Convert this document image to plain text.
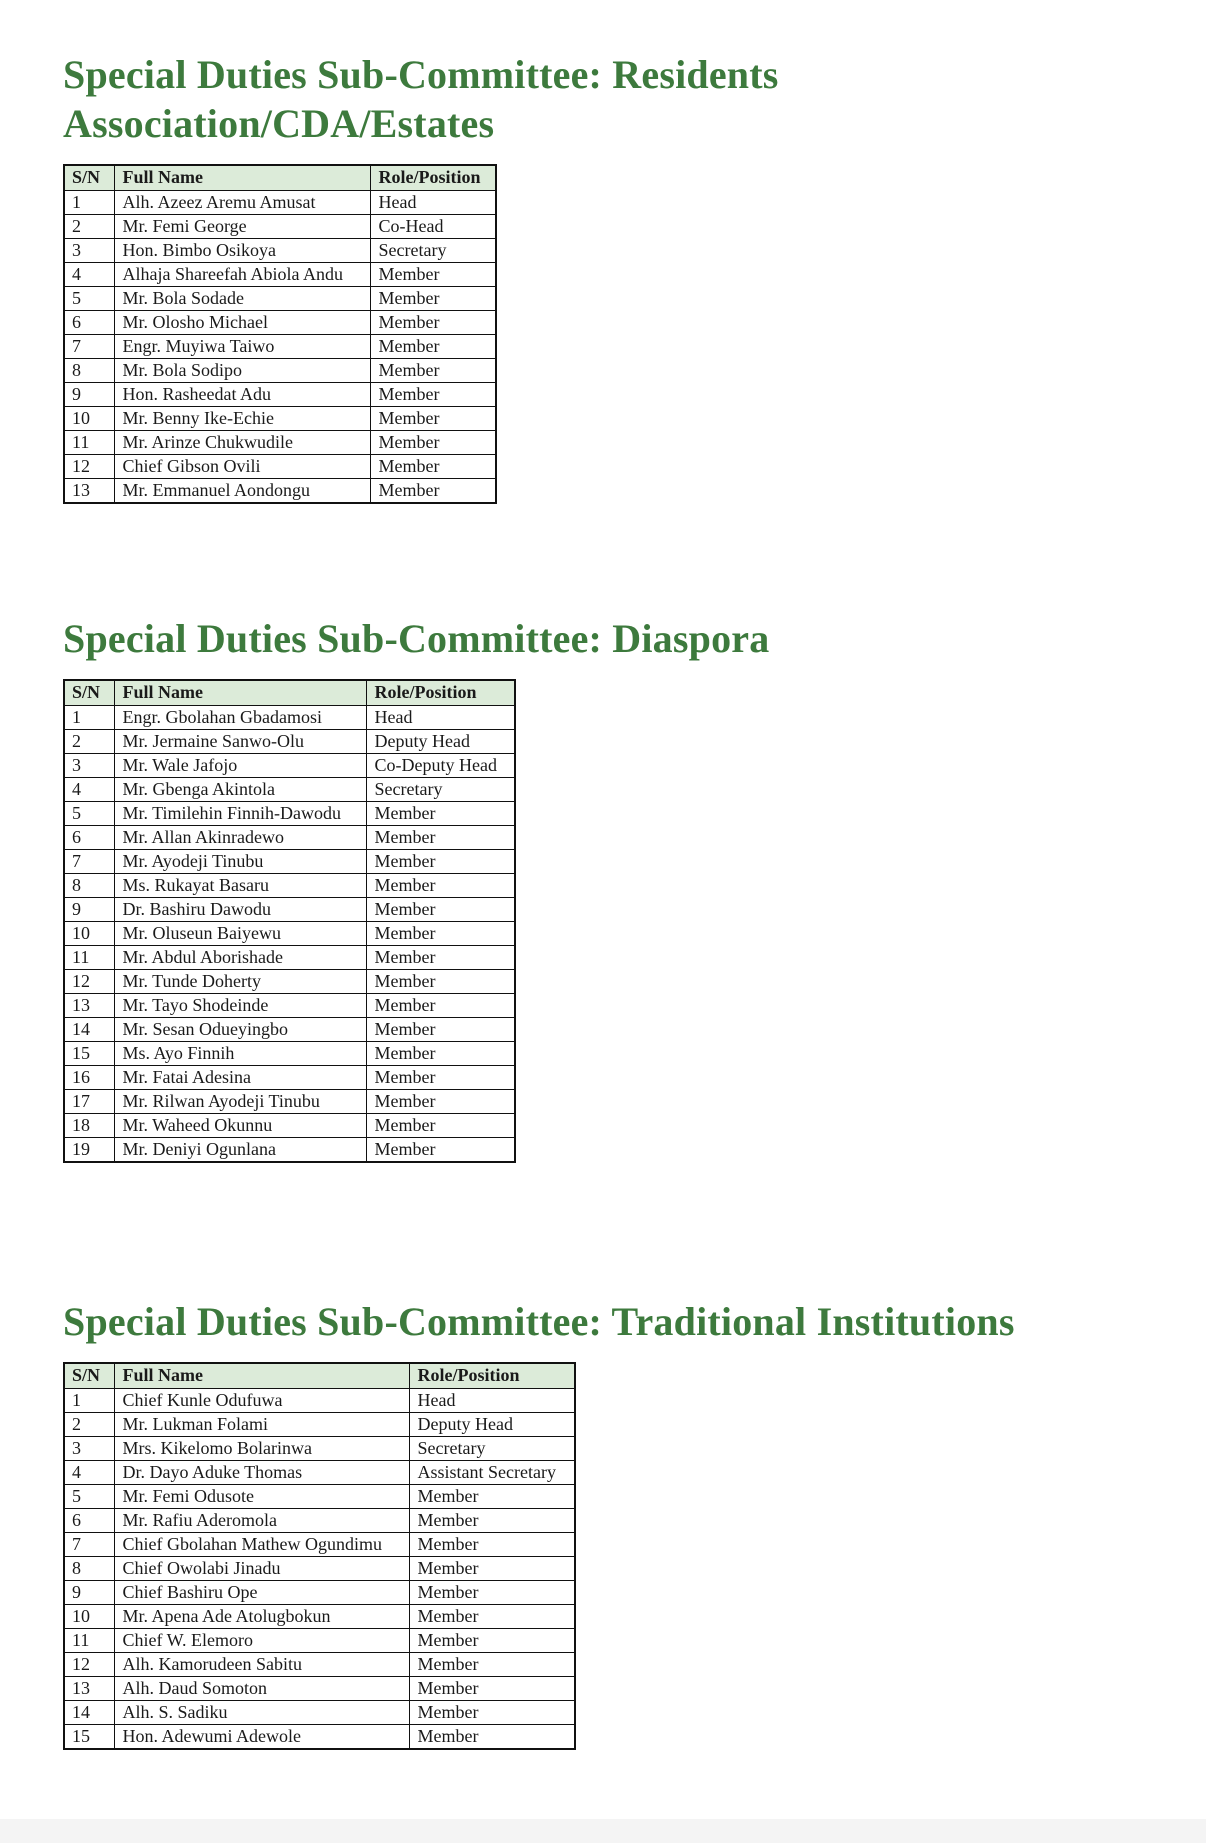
Special Duties Sub-Committee: Residents Association/CDA/Estates
S/N	Full Name	Role/Position
1	Alh. Azeez Aremu Amusat	Head
2	Mr. Femi George	Co-Head
3	Hon. Bimbo Osikoya	Secretary
4	Alhaja Shareefah Abiola Andu	Member
5	Mr. Bola Sodade	Member
6	Mr. Olosho Michael	Member
7	Engr. Muyiwa Taiwo	Member
8	Mr. Bola Sodipo	Member
9	Hon. Rasheedat Adu	Member
10	Mr. Benny Ike-Echie	Member
11	Mr. Arinze Chukwudile	Member
12	Chief Gibson Ovili	Member
13	Mr. Emmanuel Aondongu	Member
Special Duties Sub-Committee: Diaspora
S/N	Full Name	Role/Position
1	Engr. Gbolahan Gbadamosi	Head
2	Mr. Jermaine Sanwo-Olu	Deputy Head
3	Mr. Wale Jafojo	Co-Deputy Head
4	Mr. Gbenga Akintola	Secretary
5	Mr. Timilehin Finnih-Dawodu	Member
6	Mr. Allan Akinradewo	Member
7	Mr. Ayodeji Tinubu	Member
8	Ms. Rukayat Basaru	Member
9	Dr. Bashiru Dawodu	Member
10	Mr. Oluseun Baiyewu	Member
11	Mr. Abdul Aborishade	Member
12	Mr. Tunde Doherty	Member
13	Mr. Tayo Shodeinde	Member
14	Mr. Sesan Odueyingbo	Member
15	Ms. Ayo Finnih	Member
16	Mr. Fatai Adesina	Member
17	Mr. Rilwan Ayodeji Tinubu	Member
18	Mr. Waheed Okunnu	Member
19	Mr. Deniyi Ogunlana	Member
Special Duties Sub-Committee: Traditional Institutions
S/N	Full Name	Role/Position
1	Chief Kunle Odufuwa	Head
2	Mr. Lukman Folami	Deputy Head
3	Mrs. Kikelomo Bolarinwa	Secretary
4	Dr. Dayo Aduke Thomas	Assistant Secretary
5	Mr. Femi Odusote	Member
6	Mr. Rafiu Aderomola	Member
7	Chief Gbolahan Mathew Ogundimu	Member
8	Chief Owolabi Jinadu	Member
9	Chief Bashiru Ope	Member
10	Mr. Apena Ade Atolugbokun	Member
11	Chief W. Elemoro	Member
12	Alh. Kamorudeen Sabitu	Member
13	Alh. Daud Somoton	Member
14	Alh. S. Sadiku	Member
15	Hon. Adewumi Adewole	Member
